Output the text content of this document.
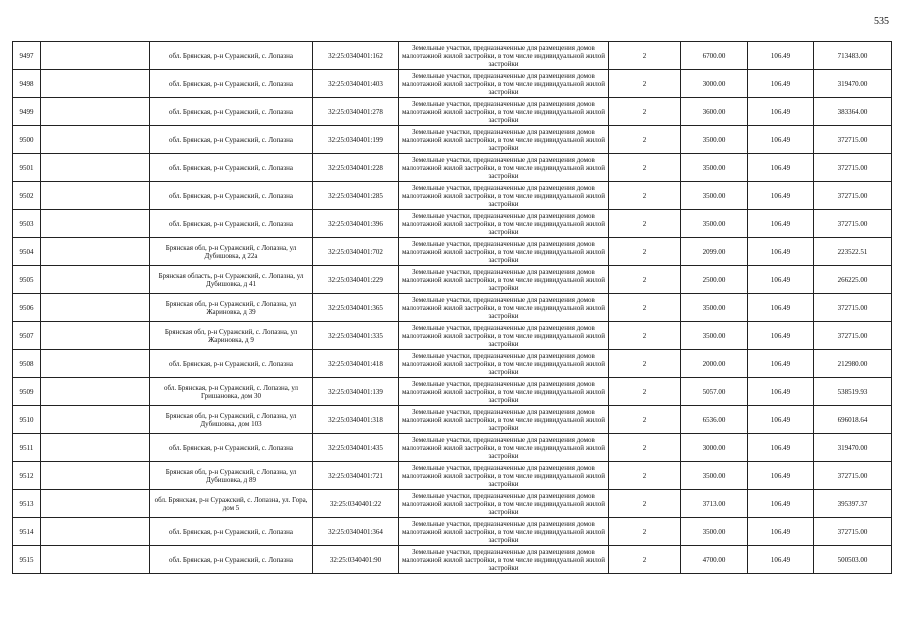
535
9497		обл. Брянская, р-н Суражский, с. Лопазна	32:25:0340401:162	Земельные участки, предназначенные для размещения домов малоэтажной жилой застройки, в том числе индивидуальной жилой застройки	2	6700.00	106.49	713483.00
9498		обл. Брянская, р-н Суражский, с. Лопазна	32:25:0340401:403	Земельные участки, предназначенные для размещения домов малоэтажной жилой застройки, в том числе индивидуальной жилой застройки	2	3000.00	106.49	319470.00
9499		обл. Брянская, р-н Суражский, с. Лопазна	32:25:0340401:278	Земельные участки, предназначенные для размещения домов малоэтажной жилой застройки, в том числе индивидуальной жилой застройки	2	3600.00	106.49	383364.00
9500		обл. Брянская, р-н Суражский, с. Лопазна	32:25:0340401:199	Земельные участки, предназначенные для размещения домов малоэтажной жилой застройки, в том числе индивидуальной жилой застройки	2	3500.00	106.49	372715.00
9501		обл. Брянская, р-н Суражский, с. Лопазна	32:25:0340401:228	Земельные участки, предназначенные для размещения домов малоэтажной жилой застройки, в том числе индивидуальной жилой застройки	2	3500.00	106.49	372715.00
9502		обл. Брянская, р-н Суражский, с. Лопазна	32:25:0340401:285	Земельные участки, предназначенные для размещения домов малоэтажной жилой застройки, в том числе индивидуальной жилой застройки	2	3500.00	106.49	372715.00
9503		обл. Брянская, р-н Суражский, с. Лопазна	32:25:0340401:396	Земельные участки, предназначенные для размещения домов малоэтажной жилой застройки, в том числе индивидуальной жилой застройки	2	3500.00	106.49	372715.00
9504		Брянская обл, р-н Суражский, с Лопазна, ул Дубишовка, д 22а	32:25:0340401:702	Земельные участки, предназначенные для размещения домов малоэтажной жилой застройки, в том числе индивидуальной жилой застройки	2	2099.00	106.49	223522.51
9505		Брянская область, р-н Суражский, с. Лопазна, ул Дубишовка, д 41	32:25:0340401:229	Земельные участки, предназначенные для размещения домов малоэтажной жилой застройки, в том числе индивидуальной жилой застройки	2	2500.00	106.49	266225.00
9506		Брянская обл, р-н Суражский, с Лопазна, ул Жариновка, д 39	32:25:0340401:365	Земельные участки, предназначенные для размещения домов малоэтажной жилой застройки, в том числе индивидуальной жилой застройки	2	3500.00	106.49	372715.00
9507		Брянская обл, р-н Суражский, с. Лопазна, ул Жариновка, д 9	32:25:0340401:335	Земельные участки, предназначенные для размещения домов малоэтажной жилой застройки, в том числе индивидуальной жилой застройки	2	3500.00	106.49	372715.00
9508		обл. Брянская, р-н Суражский, с. Лопазна	32:25:0340401:418	Земельные участки, предназначенные для размещения домов малоэтажной жилой застройки, в том числе индивидуальной жилой застройки	2	2000.00	106.49	212980.00
9509		обл. Брянская, р-н Суражский, с. Лопазна, ул Гришановка, дом 30	32:25:0340401:139	Земельные участки, предназначенные для размещения домов малоэтажной жилой застройки, в том числе индивидуальной жилой застройки	2	5057.00	106.49	538519.93
9510		Брянская обл, р-н Суражский, с Лопазна, ул Дубишовка, дом 103	32:25:0340401:318	Земельные участки, предназначенные для размещения домов малоэтажной жилой застройки, в том числе индивидуальной жилой застройки	2	6536.00	106.49	696018.64
9511		обл. Брянская, р-н Суражский, с. Лопазна	32:25:0340401:435	Земельные участки, предназначенные для размещения домов малоэтажной жилой застройки, в том числе индивидуальной жилой застройки	2	3000.00	106.49	319470.00
9512		Брянская обл, р-н Суражский, с Лопазна, ул Дубишовка, д 89	32:25:0340401:721	Земельные участки, предназначенные для размещения домов малоэтажной жилой застройки, в том числе индивидуальной жилой застройки	2	3500.00	106.49	372715.00
9513		обл. Брянская, р-н Суражский, с. Лопазна, ул. Гора, дом 5	32:25:0340401:22	Земельные участки, предназначенные для размещения домов малоэтажной жилой застройки, в том числе индивидуальной жилой застройки	2	3713.00	106.49	395397.37
9514		обл. Брянская, р-н Суражский, с. Лопазна	32:25:0340401:364	Земельные участки, предназначенные для размещения домов малоэтажной жилой застройки, в том числе индивидуальной жилой застройки	2	3500.00	106.49	372715.00
9515		обл. Брянская, р-н Суражский, с. Лопазна	32:25:0340401:90	Земельные участки, предназначенные для размещения домов малоэтажной жилой застройки, в том числе индивидуальной жилой застройки	2	4700.00	106.49	500503.00
